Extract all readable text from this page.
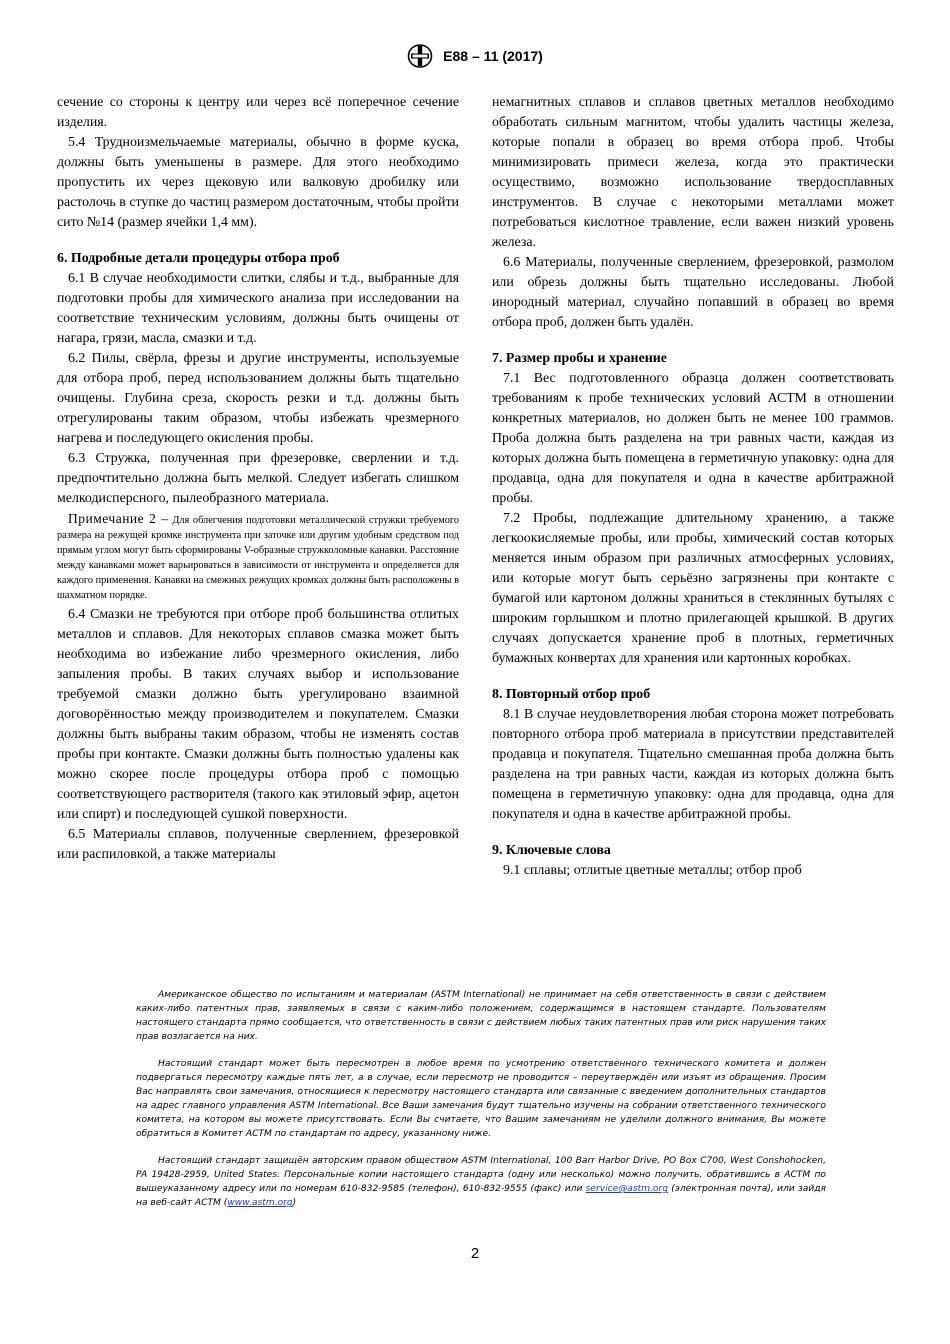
E88 – 11 (2017)

сечение со стороны к центру или через всё поперечное сечение изделия.

5.4 Трудноизмельчаемые материалы, обычно в форме куска, должны быть уменьшены в размере. Для этого необходимо пропустить их через щековую или валковую дробилку или растолочь в ступке до частиц размером достаточным, чтобы пройти сито №14 (размер ячейки 1,4 мм).

6. Подробные детали процедуры отбора проб

6.1 В случае необходимости слитки, слябы и т.д., выбранные для подготовки пробы для химического анализа при исследовании на соответствие техническим условиям, должны быть очищены от нагара, грязи, масла, смазки и т.д.

6.2 Пилы, свёрла, фрезы и другие инструменты, используемые для отбора проб, перед использованием должны быть тщательно очищены. Глубина среза, скорость резки и т.д. должны быть отрегулированы таким образом, чтобы избежать чрезмерного нагрева и последующего окисления пробы.

6.3 Стружка, полученная при фрезеровке, сверлении и т.д. предпочтительно должна быть мелкой. Следует избегать слишком мелкодисперсного, пылеобразного материала.

Примечание 2 – Для облегчения подготовки металлической стружки требуемого размера на режущей кромке инструмента при заточке или другим удобным средством под прямым углом могут быть сформированы V-образные стружколомные канавки. Расстояние между канавками может варьироваться в зависимости от инструмента и определяется для каждого применения. Канавки на смежных режущих кромках должны быть расположены в шахматном порядке.

6.4 Смазки не требуются при отборе проб большинства отлитых металлов и сплавов. Для некоторых сплавов смазка может быть необходима во избежание либо чрезмерного окисления, либо запыления пробы. В таких случаях выбор и использование требуемой смазки должно быть урегулировано взаимной договорённостью между производителем и покупателем. Смазки должны быть выбраны таким образом, чтобы не изменять состав пробы при контакте. Смазки должны быть полностью удалены как можно скорее после процедуры отбора проб с помощью соответствующего растворителя (такого как этиловый эфир, ацетон или спирт) и последующей сушкой поверхности.

6.5 Материалы сплавов, полученные сверлением, фрезеровкой или распиловкой, а также материалы

немагнитных сплавов и сплавов цветных металлов необходимо обработать сильным магнитом, чтобы удалить частицы железа, которые попали в образец во время отбора проб. Чтобы минимизировать примеси железа, когда это практически осуществимо, возможно использование твердосплавных инструментов. В случае с некоторыми металлами может потребоваться кислотное травление, если важен низкий уровень железа.

6.6 Материалы, полученные сверлением, фрезеровкой, размолом или обрезь должны быть тщательно исследованы. Любой инородный материал, случайно попавший в образец во время отбора проб, должен быть удалён.

7. Размер пробы и хранение

7.1 Вес подготовленного образца должен соответствовать требованиям к пробе технических условий АСТМ в отношении конкретных материалов, но должен быть не менее 100 граммов. Проба должна быть разделена на три равных части, каждая из которых должна быть помещена в герметичную упаковку: одна для продавца, одна для покупателя и одна в качестве арбитражной пробы.

7.2 Пробы, подлежащие длительному хранению, а также легкоокисляемые пробы, или пробы, химический состав которых меняется иным образом при различных атмосферных условиях, или которые могут быть серьёзно загрязнены при контакте с бумагой или картоном должны храниться в стеклянных бутылях с широким горлышком и плотно прилегающей крышкой. В других случаях допускается хранение проб в плотных, герметичных бумажных конвертах для хранения или картонных коробках.

8. Повторный отбор проб

8.1 В случае неудовлетворения любая сторона может потребовать повторного отбора проб материала в присутствии представителей продавца и покупателя. Тщательно смешанная проба должна быть разделена на три равных части, каждая из которых должна быть помещена в герметичную упаковку: одна для продавца, одна для покупателя и одна в качестве арбитражной пробы.

9. Ключевые слова

9.1 сплавы; отлитые цветные металлы; отбор проб

Американское общество по испытаниям и материалам (ASTM International) не принимает на себя ответственность в связи с действием каких-либо патентных прав, заявляемых в связи с каким-либо положением, содержащимся в настоящем стандарте. Пользователям настоящего стандарта прямо сообщается, что ответственность в связи с действием любых таких патентных прав или риск нарушения таких прав возлагается на них.

Настоящий стандарт может быть пересмотрен в любое время по усмотрению ответственного технического комитета и должен подвергаться пересмотру каждые пять лет, а в случае, если пересмотр не проводится – переутверждён или изъят из обращения. Просим Вас направлять свои замечания, относящиеся к пересмотру настоящего стандарта или связанные с введением дополнительных стандартов на адрес главного управления ASTM International. Все Ваши замечания будут тщательно изучены на собрании ответственного технического комитета, на котором вы можете присутствовать. Если Вы считаете, что Вашим замечаниям не уделили должного внимания, Вы можете обратиться в Комитет АСТМ по стандартам по адресу, указанному ниже.

Настоящий стандарт защищён авторским правом обществом ASTM International, 100 Barr Harbor Drive, PO Box C700, West Conshohocken, PA 19428-2959, United States. Персональные копии настоящего стандарта (одну или несколько) можно получить, обратившись в АСТМ по вышеуказанному адресу или по номерам 610-832-9585 (телефон), 610-832-9555 (факс) или service@astm.org (электронная почта), или зайдя на веб-сайт АСТМ (www.astm.org)

2
